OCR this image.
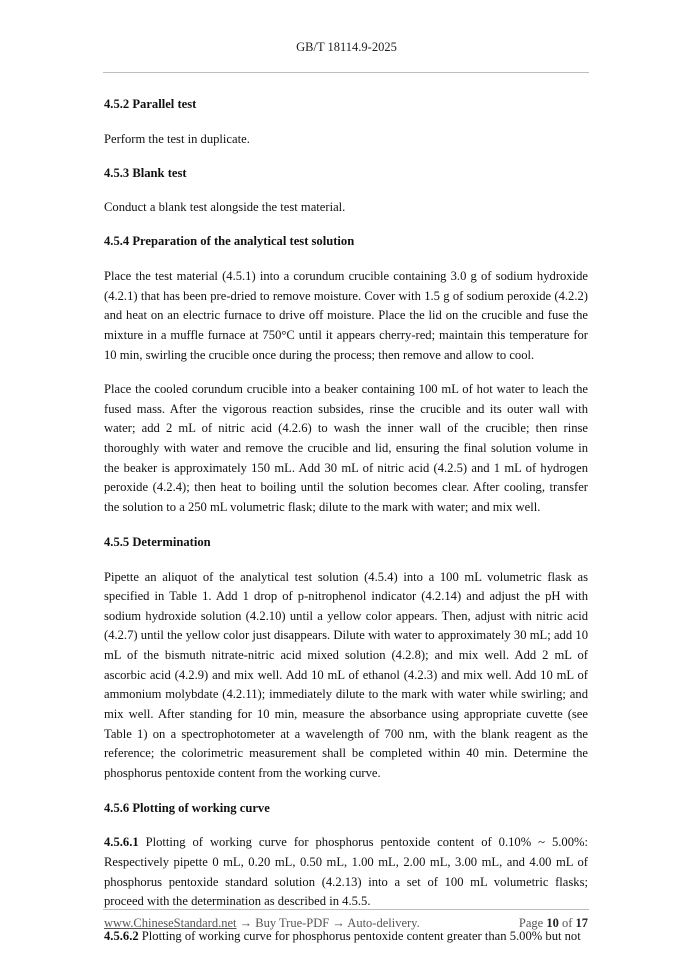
GB/T 18114.9-2025
4.5.2 Parallel test

Perform the test in duplicate.

4.5.3 Blank test

Conduct a blank test alongside the test material.

4.5.4 Preparation of the analytical test solution

Place the test material (4.5.1) into a corundum crucible containing 3.0 g of sodium hydroxide (4.2.1) that has been pre-dried to remove moisture. Cover with 1.5 g of sodium peroxide (4.2.2) and heat on an electric furnace to drive off moisture. Place the lid on the crucible and fuse the mixture in a muffle furnace at 750°C until it appears cherry-red; maintain this temperature for 10 min, swirling the crucible once during the process; then remove and allow to cool.

Place the cooled corundum crucible into a beaker containing 100 mL of hot water to leach the fused mass. After the vigorous reaction subsides, rinse the crucible and its outer wall with water; add 2 mL of nitric acid (4.2.6) to wash the inner wall of the crucible; then rinse thoroughly with water and remove the crucible and lid, ensuring the final solution volume in the beaker is approximately 150 mL. Add 30 mL of nitric acid (4.2.5) and 1 mL of hydrogen peroxide (4.2.4); then heat to boiling until the solution becomes clear. After cooling, transfer the solution to a 250 mL volumetric flask; dilute to the mark with water; and mix well.

4.5.5 Determination

Pipette an aliquot of the analytical test solution (4.5.4) into a 100 mL volumetric flask as specified in Table 1. Add 1 drop of p-nitrophenol indicator (4.2.14) and adjust the pH with sodium hydroxide solution (4.2.10) until a yellow color appears. Then, adjust with nitric acid (4.2.7) until the yellow color just disappears. Dilute with water to approximately 30 mL; add 10 mL of the bismuth nitrate-nitric acid mixed solution (4.2.8); and mix well. Add 2 mL of ascorbic acid (4.2.9) and mix well. Add 10 mL of ethanol (4.2.3) and mix well. Add 10 mL of ammonium molybdate (4.2.11); immediately dilute to the mark with water while swirling; and mix well. After standing for 10 min, measure the absorbance using appropriate cuvette (see Table 1) on a spectrophotometer at a wavelength of 700 nm, with the blank reagent as the reference; the colorimetric measurement shall be completed within 40 min. Determine the phosphorus pentoxide content from the working curve.

4.5.6 Plotting of working curve

4.5.6.1 Plotting of working curve for phosphorus pentoxide content of 0.10% ~ 5.00%: Respectively pipette 0 mL, 0.20 mL, 0.50 mL, 1.00 mL, 2.00 mL, 3.00 mL, and 4.00 mL of phosphorus pentoxide standard solution (4.2.13) into a set of 100 mL volumetric flasks; proceed with the determination as described in 4.5.5.

4.5.6.2 Plotting of working curve for phosphorus pentoxide content greater than 5.00% but not

www.ChineseStandard.net → Buy True-PDF → Auto-delivery.	Page 10 of 17
